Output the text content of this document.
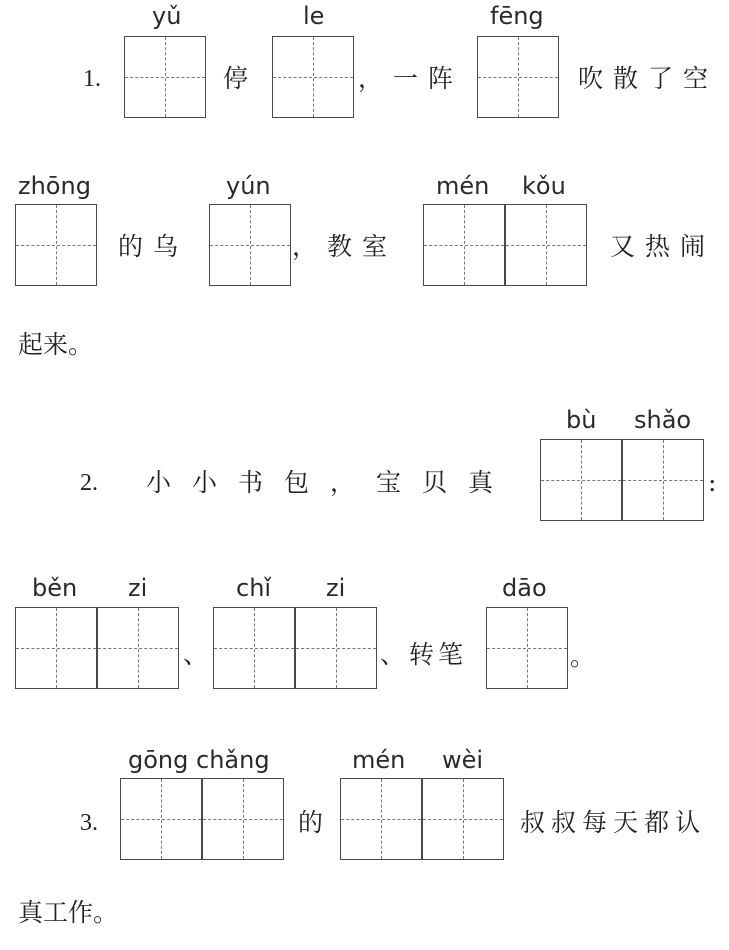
yǔ	le	fēng
1.	停	，一阵	吹散了空
zhōng	yún	mén kǒu
的乌	，教室	又热闹
起来。
bù shǎo
2. 小小书包，宝贝真	:
běn zi	chǐ zi	dāo
、	、转笔	。
gōng chǎng	mén wèi
3.	的	叔叔每天都认
真工作。
